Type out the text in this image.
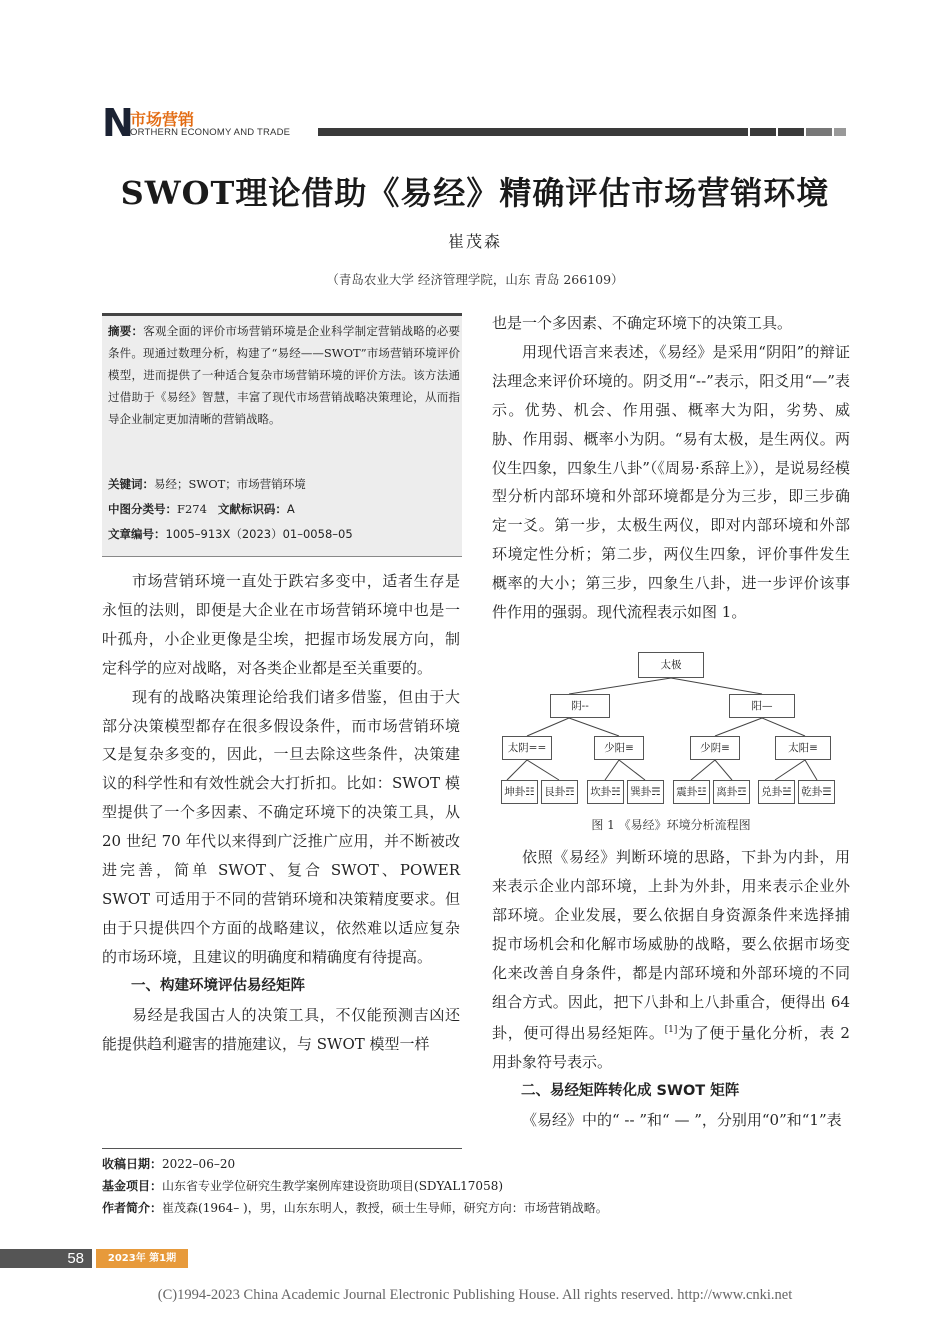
N
市场营销
ORTHERN ECONOMY AND TRADE
SWOT理论借助《易经》精确评估市场营销环境
崔茂森
（青岛农业大学 经济管理学院，山东 青岛 266109）
摘要：客观全面的评价市场营销环境是企业科学制定营销战略的必要条件。现通过数理分析，构建了“易经——SWOT”市场营销环境评价模型，进而提供了一种适合复杂市场营销环境的评价方法。该方法通过借助于《易经》智慧，丰富了现代市场营销战略决策理论，从而指导企业制定更加清晰的营销战略。
关键词：易经；SWOT；市场营销环境
中图分类号：F274 文献标识码：A
文章编号：1005–913X（2023）01–0058–05

市场营销环境一直处于跌宕多变中，适者生存是永恒的法则，即便是大企业在市场营销环境中也是一叶孤舟，小企业更像是尘埃，把握市场发展方向，制定科学的应对战略，对各类企业都是至关重要的。

现有的战略决策理论给我们诸多借鉴，但由于大部分决策模型都存在很多假设条件，而市场营销环境又是复杂多变的，因此，一旦去除这些条件，决策建议的科学性和有效性就会大打折扣。比如：SWOT 模型提供了一个多因素、不确定环境下的决策工具，从 20 世纪 70 年代以来得到广泛推广应用，并不断被改进完善，简单 SWOT、复合 SWOT、POWER SWOT 可适用于不同的营销环境和决策精度要求。但由于只提供四个方面的战略建议，依然难以适应复杂的市场环境，且建议的明确度和精确度有待提高。

一、构建环境评估易经矩阵

易经是我国古人的决策工具，不仅能预测吉凶还能提供趋利避害的措施建议，与 SWOT 模型一样

也是一个多因素、不确定环境下的决策工具。

用现代语言来表述，《易经》是采用“阴阳”的辩证法理念来评价环境的。阴爻用“--”表示，阳爻用“—”表示。优势、机会、作用强、概率大为阳，劣势、威胁、作用弱、概率小为阴。“易有太极，是生两仪。两仪生四象，四象生八卦”（《周易·系辞上》），是说易经模型分析内部环境和外部环境都是分为三步，即三步确定一爻。第一步，太极生两仪，即对内部环境和外部环境定性分析；第二步，两仪生四象，评价事件发生概率的大小；第三步，四象生八卦，进一步评价该事件作用的强弱。现代流程表示如图 1。

太极
阴--	阳—
太阴==	少阳≡	少阴≡	太阳≡
坤卦☷ 艮卦☶	坎卦☵ 巽卦☴	震卦☳ 离卦☲	兑卦☱ 乾卦☰
图 1 《易经》环境分析流程图

依照《易经》判断环境的思路，下卦为内卦，用来表示企业内部环境，上卦为外卦，用来表示企业外部环境。企业发展，要么依据自身资源条件来选择捕捉市场机会和化解市场威胁的战略，要么依据市场变化来改善自身条件，都是内部环境和外部环境的不同组合方式。因此，把下八卦和上八卦重合，便得出 64 卦，便可得出易经矩阵。[1]为了便于量化分析，表 2 用卦象符号表示。

二、易经矩阵转化成 SWOT 矩阵

《易经》中的“ -- ”和“ — ”，分别用“0”和“1”表

收稿日期：2022–06–20
基金项目：山东省专业学位研究生教学案例库建设资助项目(SDYAL17058)
作者简介：崔茂森(1964– )，男，山东东明人，教授，硕士生导师，研究方向：市场营销战略。
58	2023年 第1期
(C)1994-2023 China Academic Journal Electronic Publishing House. All rights reserved. http://www.cnki.net
